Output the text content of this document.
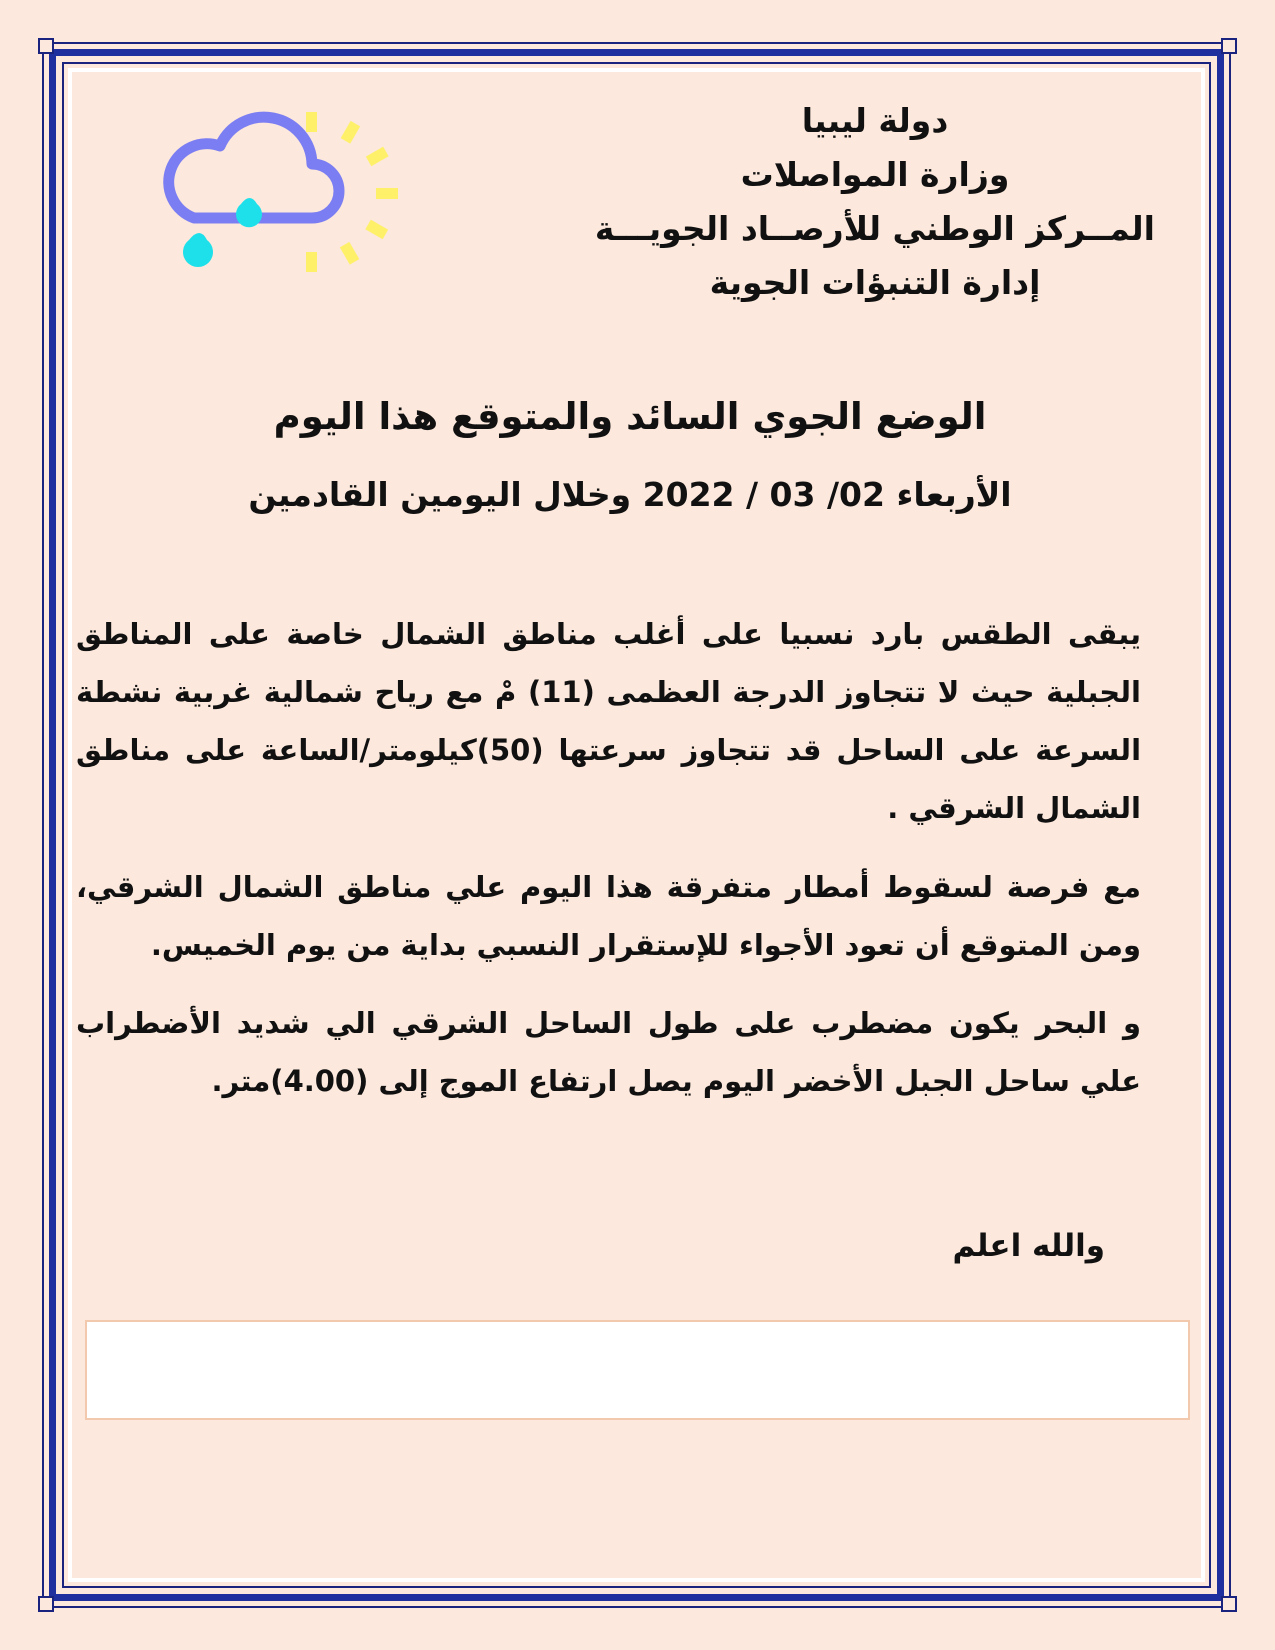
دولة ليبيا
وزارة المواصلات
المــركز الوطني للأرصــاد الجويـــة
إدارة التنبؤات الجوية
الوضع الجوي السائد والمتوقع هذا اليوم
الأربعاء 02/ 03 / 2022 وخلال اليومين القادمين
يبقى الطقس بارد نسبيا على أغلب مناطق الشمال خاصة على المناطق الجبلية حيث لا تتجاوز الدرجة العظمى (11) مْ مع رياح شمالية غربية نشطة السرعة على الساحل قد تتجاوز سرعتها (50)كيلومتر/الساعة على مناطق الشمال الشرقي .
مع فرصة لسقوط أمطار متفرقة هذا اليوم علي مناطق الشمال الشرقي، ومن المتوقع أن تعود الأجواء للإستقرار النسبي بداية من يوم الخميس.
و البحر يكون مضطرب على طول الساحل الشرقي الي شديد الأضطراب علي ساحل الجبل الأخضر اليوم يصل ارتفاع الموج إلى (4.00)متر.
والله اعلم
